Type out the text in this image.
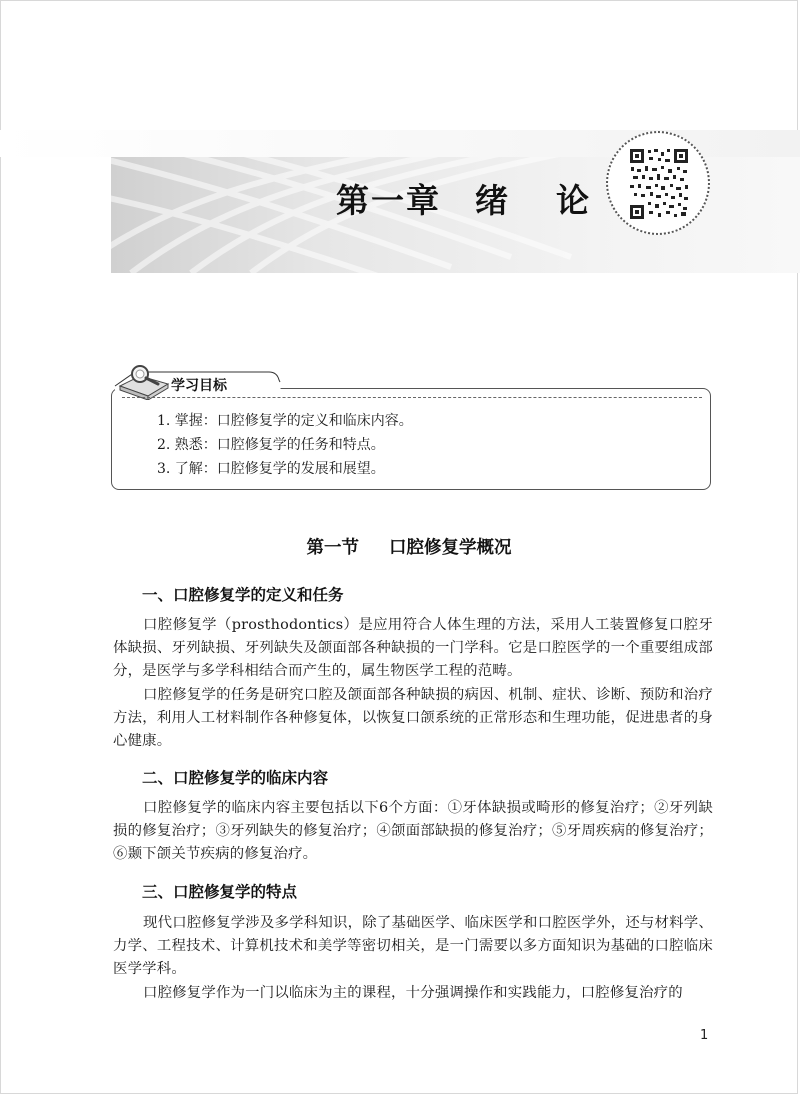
第一章 绪 论
学习目标
1. 掌握：口腔修复学的定义和临床内容。
2. 熟悉：口腔修复学的任务和特点。
3. 了解：口腔修复学的发展和展望。
第一节 口腔修复学概况
一、口腔修复学的定义和任务

口腔修复学（prosthodontics）是应用符合人体生理的方法，采用人工装置修复口腔牙体缺损、牙列缺损、牙列缺失及颌面部各种缺损的一门学科。它是口腔医学的一个重要组成部分，是医学与多学科相结合而产生的，属生物医学工程的范畴。

口腔修复学的任务是研究口腔及颌面部各种缺损的病因、机制、症状、诊断、预防和治疗方法，利用人工材料制作各种修复体，以恢复口颌系统的正常形态和生理功能，促进患者的身心健康。

二、口腔修复学的临床内容

口腔修复学的临床内容主要包括以下6个方面：①牙体缺损或畸形的修复治疗；②牙列缺损的修复治疗；③牙列缺失的修复治疗；④颌面部缺损的修复治疗；⑤牙周疾病的修复治疗；⑥颞下颌关节疾病的修复治疗。

三、口腔修复学的特点

现代口腔修复学涉及多学科知识，除了基础医学、临床医学和口腔医学外，还与材料学、力学、工程技术、计算机技术和美学等密切相关，是一门需要以多方面知识为基础的口腔临床医学学科。

口腔修复学作为一门以临床为主的课程，十分强调操作和实践能力，口腔修复治疗的

1
